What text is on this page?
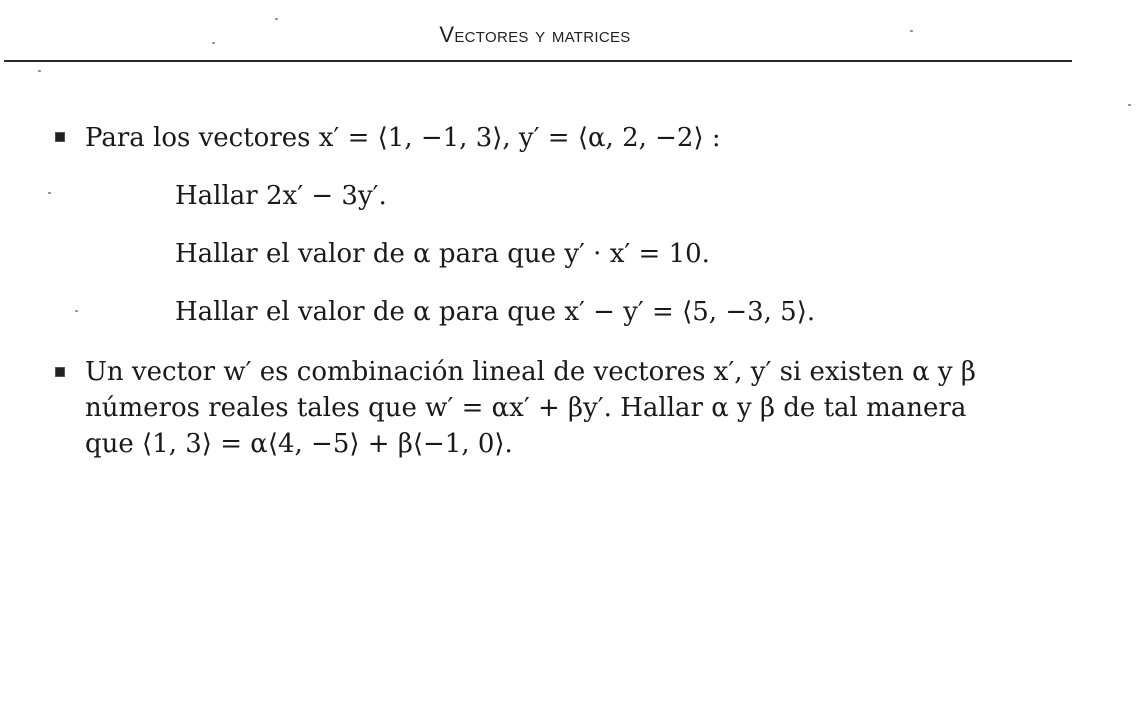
Vectores y matrices
Para los vectores x′ = ⟨1, −1, 3⟩, y′ = ⟨α, 2, −2⟩ :
Hallar 2x′ − 3y′.
Hallar el valor de α para que y′ · x′ = 10.
Hallar el valor de α para que x′ − y′ = ⟨5, −3, 5⟩.
Un vector w′ es combinación lineal de vectores x′, y′ si existen α y β
números reales tales que w′ = αx′ + βy′. Hallar α y β de tal manera
que ⟨1, 3⟩ = α⟨4, −5⟩ + β⟨−1, 0⟩.
